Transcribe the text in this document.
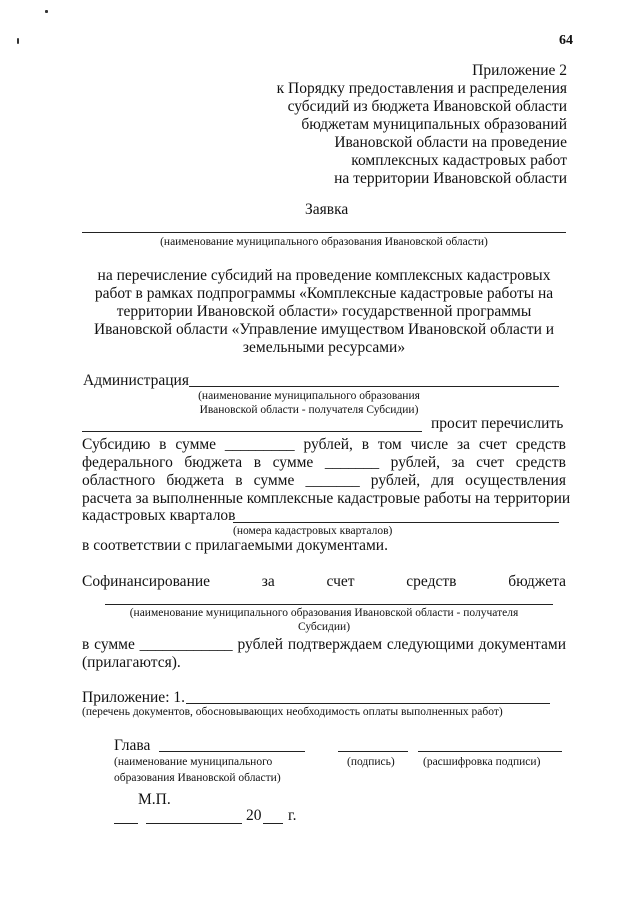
64
Приложение 2
к Порядку предоставления и распределения
субсидий из бюджета Ивановской области
бюджетам муниципальных образований
Ивановской области на проведение
комплексных кадастровых работ
на территории Ивановской области
Заявка
(наименование муниципального образования Ивановской области)
на перечисление субсидий на проведение комплексных кадастровых
работ в рамках подпрограммы «Комплексные кадастровые работы на
территории Ивановской области» государственной программы
Ивановской области «Управление имуществом Ивановской области и
земельными ресурсами»
Администрация
(наименование муниципального образования
Ивановской области - получателя Субсидии)
просит перечислить
Субсидию в сумме _________ рублей, в том числе за счет средств
федерального бюджета в сумме _______ рублей, за счет средств
областного бюджета в сумме _______ рублей, для осуществления
расчета за выполненные комплексные кадастровые работы на территории
кадастровых кварталов
(номера кадастровых кварталов)
в соответствии с прилагаемыми документами.
Софинансирование	за	счет	средств	бюджета
(наименование муниципального образования Ивановской области - получателя
Субсидии)
в сумме ____________ рублей подтверждаем следующими документами
(прилагаются).
Приложение: 1.
(перечень документов, обосновывающих необходимость оплаты выполненных работ)
Глава
(наименование муниципального
образования Ивановской области)
(подпись) (расшифровка подписи)
М.П.
20 г.
